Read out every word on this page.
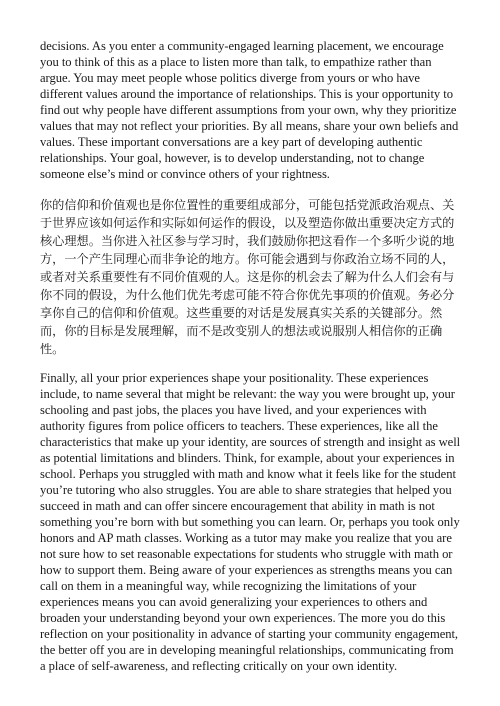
decisions. As you enter a community-engaged learning placement, we encourage you to think of this as a place to listen more than talk, to empathize rather than argue. You may meet people whose politics diverge from yours or who have different values around the importance of relationships. This is your opportunity to find out why people have different assumptions from your own, why they prioritize values that may not reflect your priorities. By all means, share your own beliefs and values. These important conversations are a key part of developing authentic relationships. Your goal, however, is to develop understanding, not to change someone else’s mind or convince others of your rightness.

你的信仰和价值观也是你位置性的重要组成部分，可能包括党派政治观点、关于世界应该如何运作和实际如何运作的假设，以及塑造你做出重要决定方式的核心理想。当你进入社区参与学习时，我们鼓励你把这看作一个多听少说的地方，一个产生同理心而非争论的地方。你可能会遇到与你政治立场不同的人，或者对关系重要性有不同价值观的人。这是你的机会去了解为什么人们会有与你不同的假设，为什么他们优先考虑可能不符合你优先事项的价值观。务必分享你自己的信仰和价值观。这些重要的对话是发展真实关系的关键部分。然而，你的目标是发展理解，而不是改变别人的想法或说服别人相信你的正确性。

Finally, all your prior experiences shape your positionality. These experiences include, to name several that might be relevant: the way you were brought up, your schooling and past jobs, the places you have lived, and your experiences with authority figures from police officers to teachers. These experiences, like all the characteristics that make up your identity, are sources of strength and insight as well as potential limitations and blinders. Think, for example, about your experiences in school. Perhaps you struggled with math and know what it feels like for the student you’re tutoring who also struggles. You are able to share strategies that helped you succeed in math and can offer sincere encouragement that ability in math is not something you’re born with but something you can learn. Or, perhaps you took only honors and AP math classes. Working as a tutor may make you realize that you are not sure how to set reasonable expectations for students who struggle with math or how to support them. Being aware of your experiences as strengths means you can call on them in a meaningful way, while recognizing the limitations of your experiences means you can avoid generalizing your experiences to others and broaden your understanding beyond your own experiences. The more you do this reflection on your positionality in advance of starting your community engagement, the better off you are in developing meaningful relationships, communicating from a place of self-awareness, and reflecting critically on your own identity.
